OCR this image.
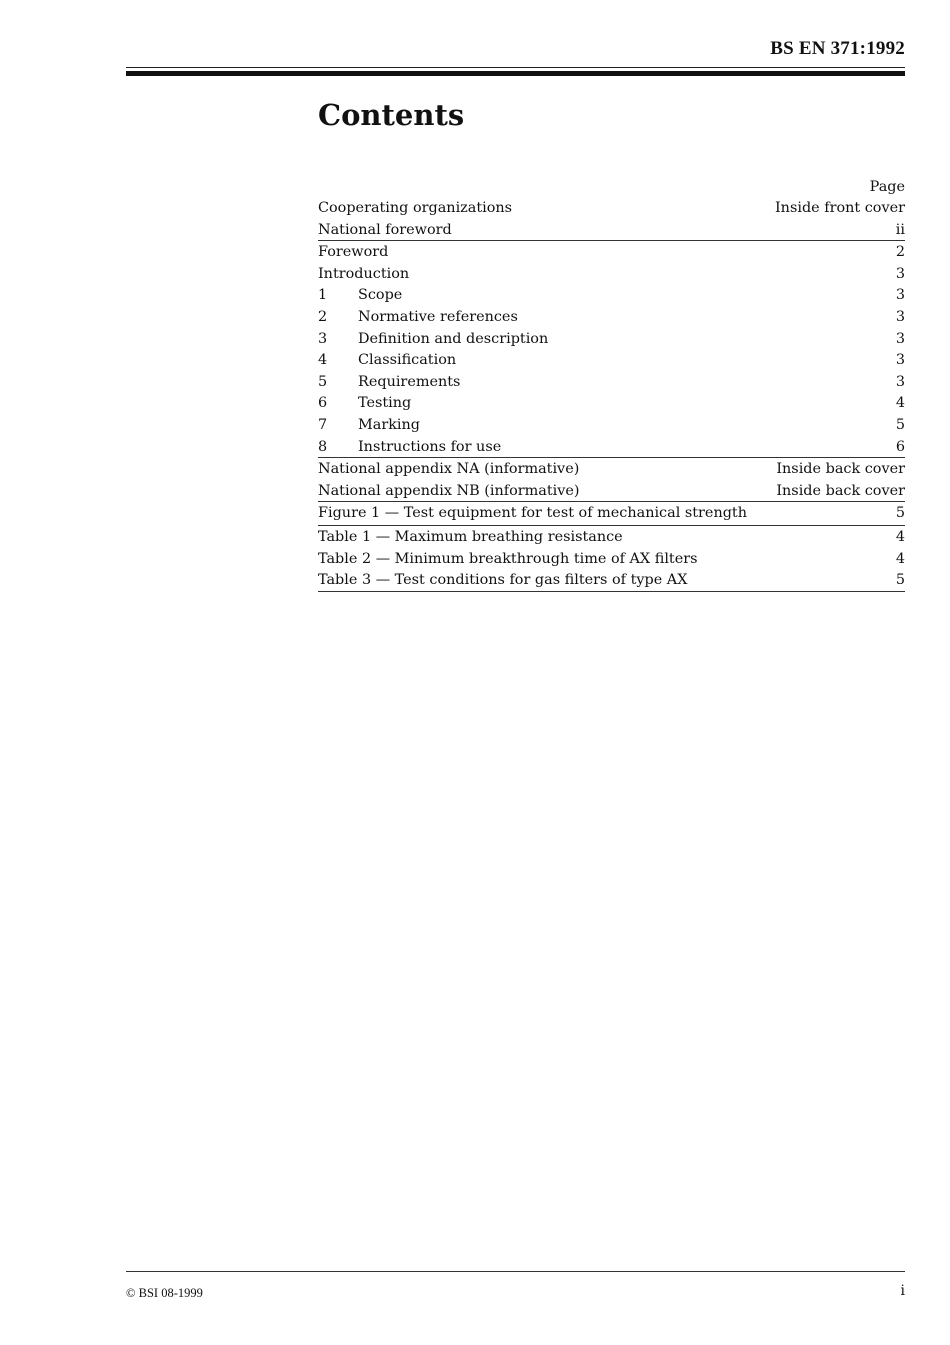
BS EN 371:1992
Contents
Page
Cooperating organizations	Inside front cover
National foreword	ii
Foreword	2
Introduction	3
1	Scope	3
2	Normative references	3
3	Definition and description	3
4	Classification	3
5	Requirements	3
6	Testing	4
7	Marking	5
8	Instructions for use	6
National appendix NA (informative)	Inside back cover
National appendix NB (informative)	Inside back cover
Figure 1 — Test equipment for test of mechanical strength	5
Table 1 — Maximum breathing resistance	4
Table 2 — Minimum breakthrough time of AX filters	4
Table 3 — Test conditions for gas filters of type AX	5
© BSI 08-1999	i
